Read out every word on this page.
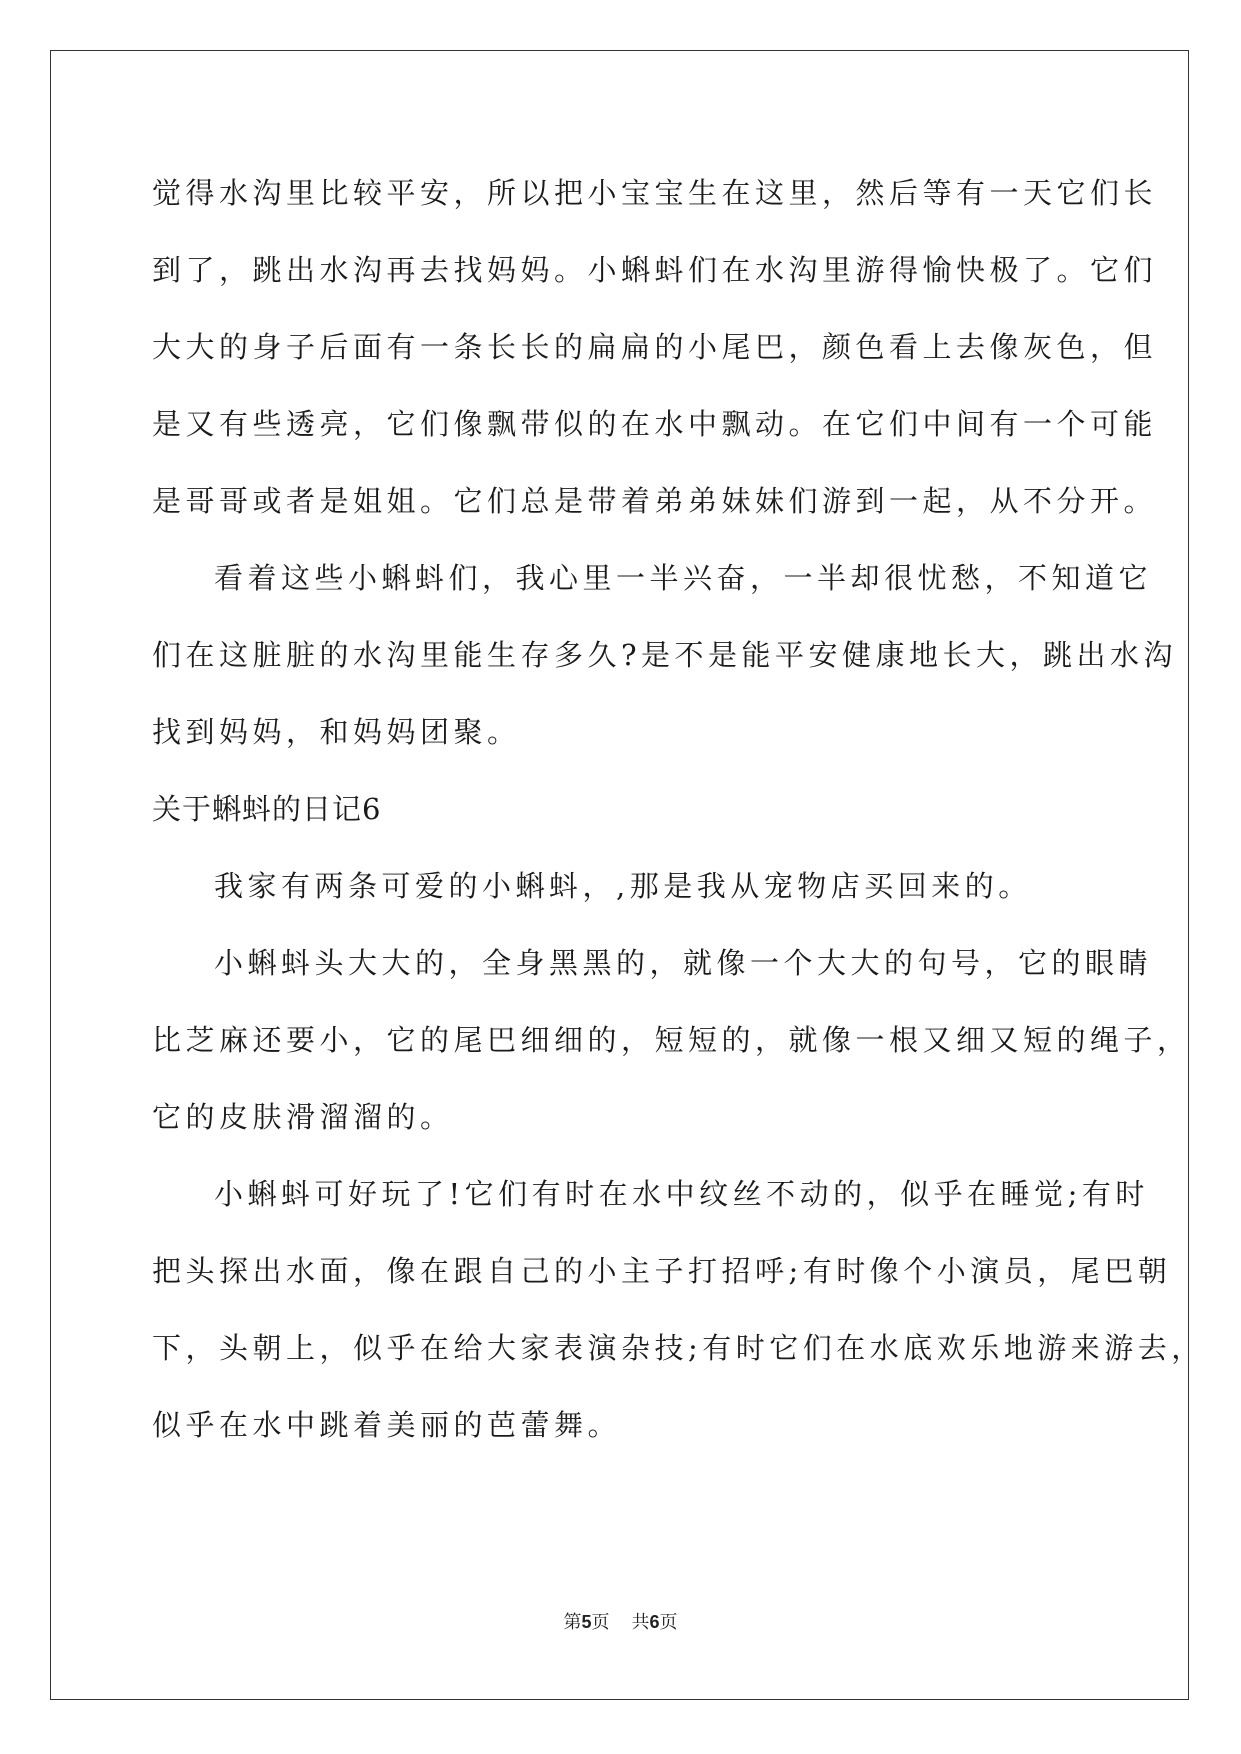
觉得水沟里比较平安，所以把小宝宝生在这里，然后等有一天它们长
到了，跳出水沟再去找妈妈。小蝌蚪们在水沟里游得愉快极了。它们
大大的身子后面有一条长长的扁扁的小尾巴，颜色看上去像灰色，但
是又有些透亮，它们像飘带似的在水中飘动。在它们中间有一个可能
是哥哥或者是姐姐。它们总是带着弟弟妹妹们游到一起，从不分开。
看着这些小蝌蚪们，我心里一半兴奋，一半却很忧愁，不知道它
们在这脏脏的水沟里能生存多久?是不是能平安健康地长大，跳出水沟
找到妈妈，和妈妈团聚。
关于蝌蚪的日记6
我家有两条可爱的小蝌蚪，,那是我从宠物店买回来的。
小蝌蚪头大大的，全身黑黑的，就像一个大大的句号，它的眼睛
比芝麻还要小，它的尾巴细细的，短短的，就像一根又细又短的绳子，
它的皮肤滑溜溜的。
小蝌蚪可好玩了!它们有时在水中纹丝不动的，似乎在睡觉;有时
把头探出水面，像在跟自己的小主子打招呼;有时像个小演员，尾巴朝
下，头朝上，似乎在给大家表演杂技;有时它们在水底欢乐地游来游去，
似乎在水中跳着美丽的芭蕾舞。
第5页 共6页
